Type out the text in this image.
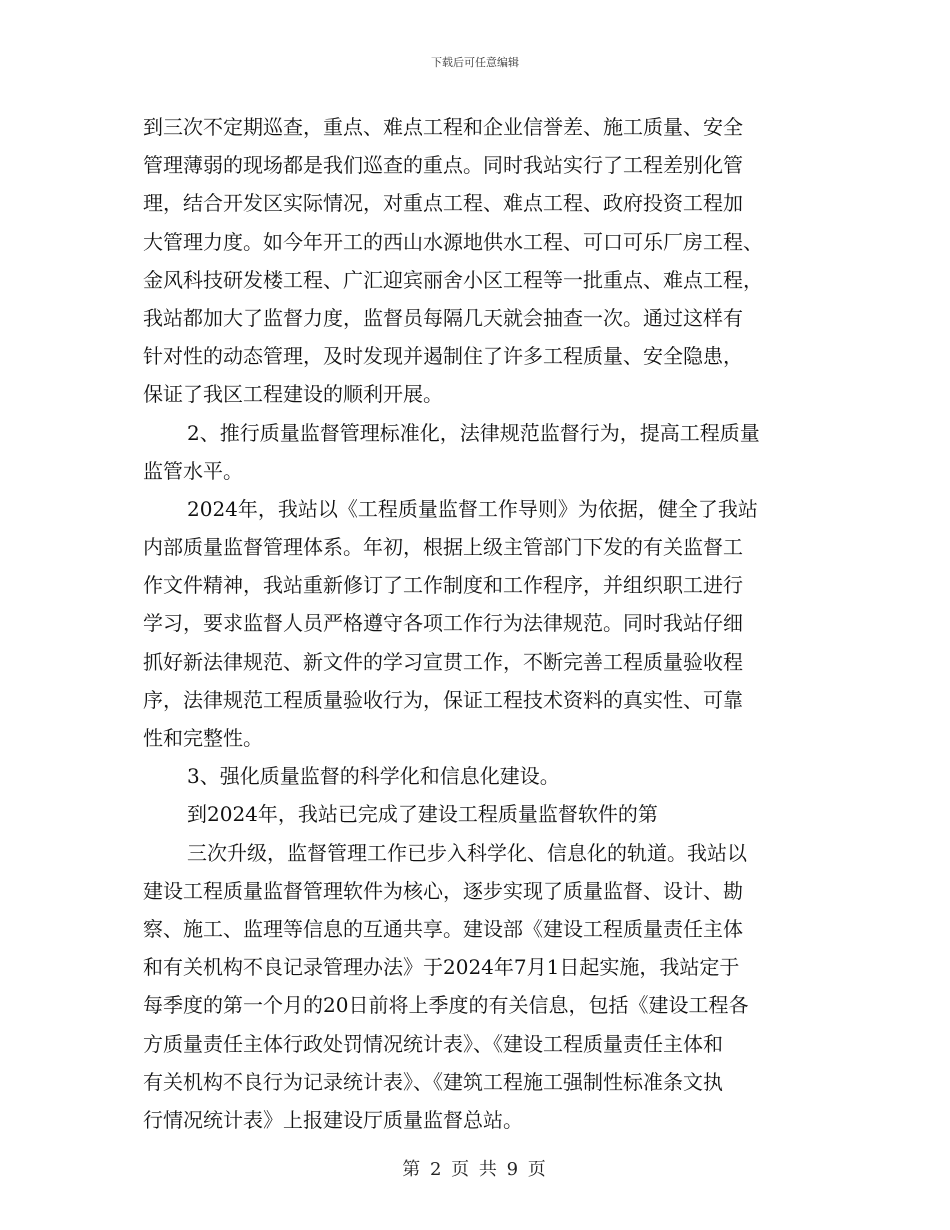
下载后可任意编辑
到三次不定期巡查，重点、难点工程和企业信誉差、施工质量、安全
管理薄弱的现场都是我们巡查的重点。同时我站实行了工程差别化管
理，结合开发区实际情况，对重点工程、难点工程、政府投资工程加
大管理力度。如今年开工的西山水源地供水工程、可口可乐厂房工程、
金风科技研发楼工程、广汇迎宾丽舍小区工程等一批重点、难点工程，
我站都加大了监督力度，监督员每隔几天就会抽查一次。通过这样有
针对性的动态管理，及时发现并遏制住了许多工程质量、安全隐患，
保证了我区工程建设的顺利开展。
2、推行质量监督管理标准化，法律规范监督行为，提高工程质量
监管水平。
2024年，我站以《工程质量监督工作导则》为依据，健全了我站
内部质量监督管理体系。年初，根据上级主管部门下发的有关监督工
作文件精神，我站重新修订了工作制度和工作程序，并组织职工进行
学习，要求监督人员严格遵守各项工作行为法律规范。同时我站仔细
抓好新法律规范、新文件的学习宣贯工作，不断完善工程质量验收程
序，法律规范工程质量验收行为，保证工程技术资料的真实性、可靠
性和完整性。
3、强化质量监督的科学化和信息化建设。
到2024年，我站已完成了建设工程质量监督软件的第
三次升级，监督管理工作已步入科学化、信息化的轨道。我站以
建设工程质量监督管理软件为核心，逐步实现了质量监督、设计、勘
察、施工、监理等信息的互通共享。建设部《建设工程质量责任主体
和有关机构不良记录管理办法》于2024年7月1日起实施，我站定于
每季度的第一个月的20日前将上季度的有关信息，包括《建设工程各
方质量责任主体行政处罚情况统计表》、《建设工程质量责任主体和
有关机构不良行为记录统计表》、《建筑工程施工强制性标准条文执
行情况统计表》上报建设厅质量监督总站。
第 2 页 共 9 页
